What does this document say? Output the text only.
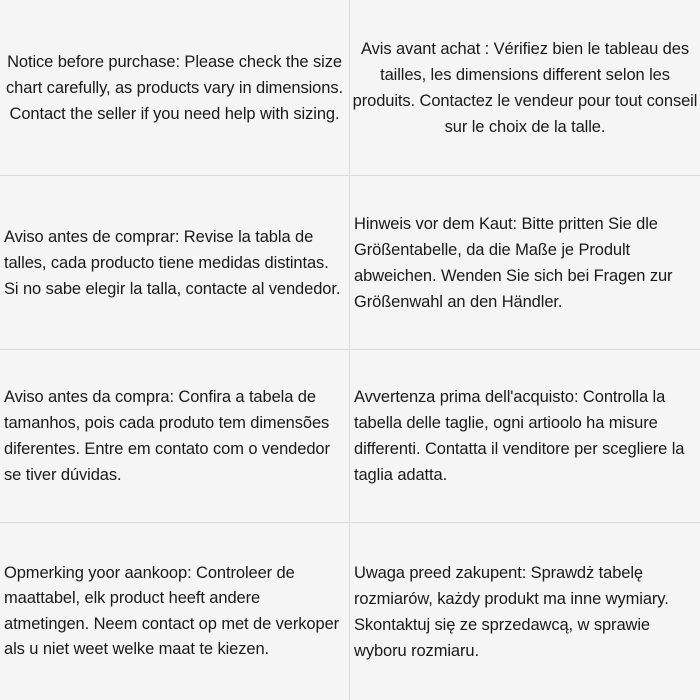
Notice before purchase: Please check the size chart carefully, as products vary in dimensions. Contact the seller if you need help with sizing.

Avis avant achat : Vérifiez bien le tableau des tailles, les dimensions different selon les produits. Contactez le vendeur pour tout conseil sur le choix de la talle.

Aviso antes de comprar: Revise la tabla de talles, cada producto tiene medidas distintas. Si no sabe elegir la talla, contacte al vendedor.

Hinweis vor dem Kaut: Bitte pritten Sie dle Größentabelle, da die Maße je Prodult abweichen. Wenden Sie sich bei Fragen zur Größenwahl an den Händler.

Aviso antes da compra: Confira a tabela de tamanhos, pois cada produto tem dimensões diferentes. Entre em contato com o vendedor se tiver dúvidas.

Avvertenza prima dell'acquisto: Controlla la tabella delle taglie, ogni artioolo ha misure differenti. Contatta il venditore per scegliere la taglia adatta.

Opmerking yoor aankoop: Controleer de maattabel, elk product heeft andere atmetingen. Neem contact op met de verkoper als u niet weet welke maat te kiezen.

Uwaga preed zakupent: Sprawdż tabelę rozmiarów, każdy produkt ma inne wymiary. Skontaktuj się ze sprzedawcą, w sprawie wyboru rozmiaru.
